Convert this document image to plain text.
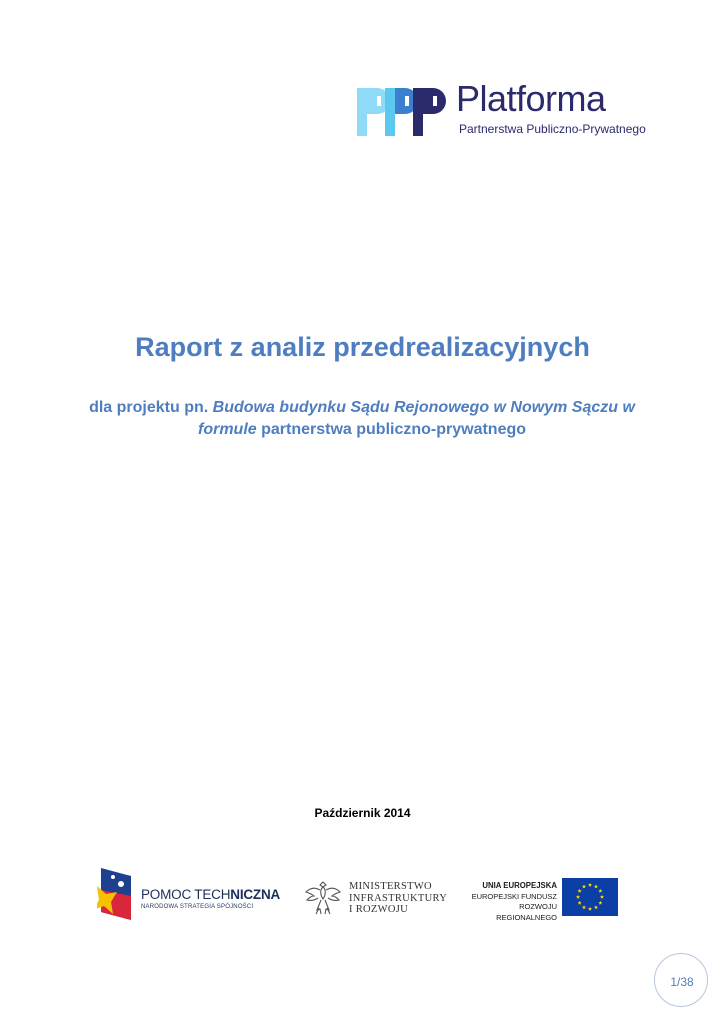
Platforma
Partnerstwa Publiczno-Prywatnego
Raport z analiz przedrealizacyjnych
dla projektu pn. Budowa budynku Sądu Rejonowego w Nowym Sączu w formule partnerstwa publiczno-prywatnego
Październik 2014
POMOC TECHNICZNA
NARODOWA STRATEGIA SPÓJNOŚCI
MINISTERSTWO
INFRASTRUKTURY
I ROZWOJU
UNIA EUROPEJSKA
EUROPEJSKI FUNDUSZ
ROZWOJU REGIONALNEGO
1/38
